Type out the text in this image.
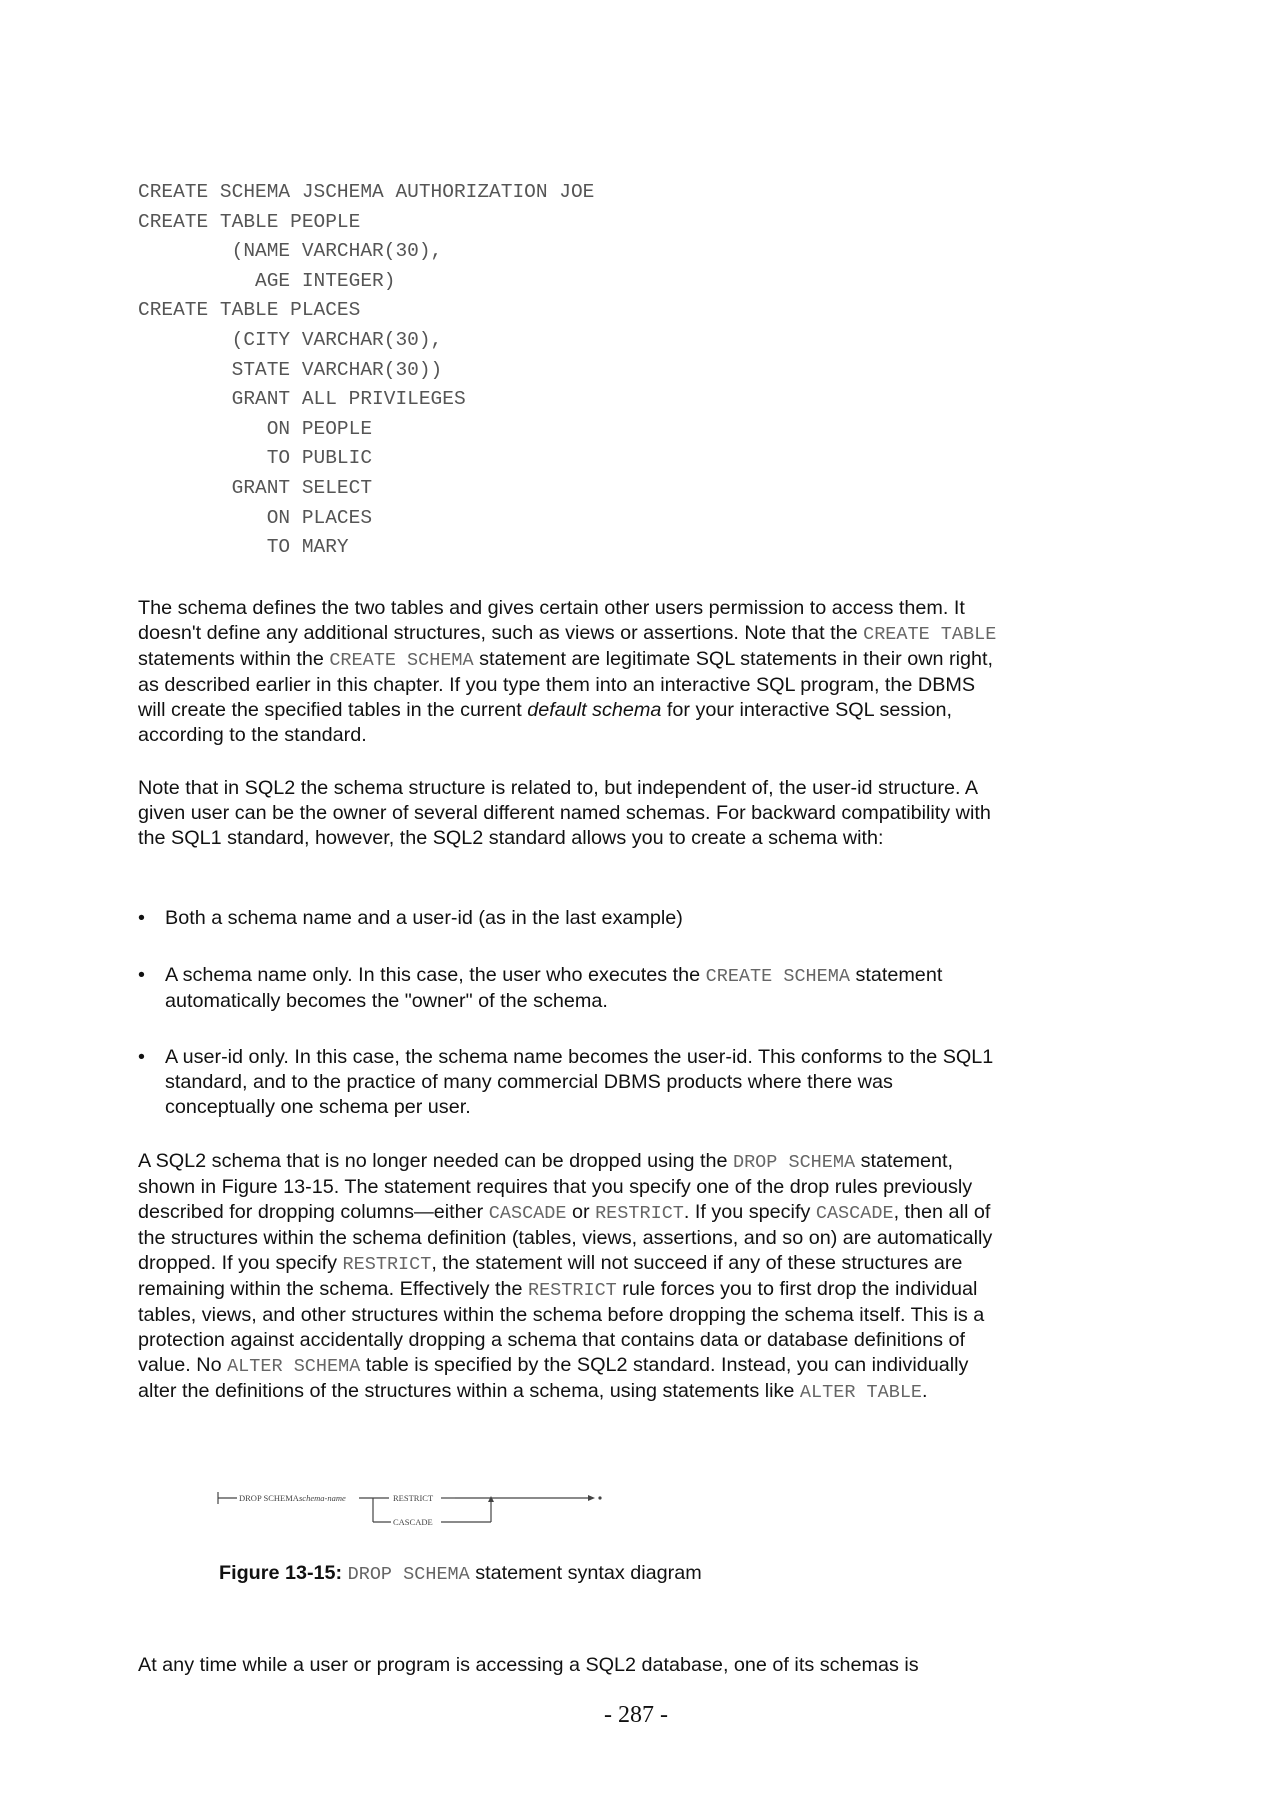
CREATE SCHEMA JSCHEMA AUTHORIZATION JOE
CREATE TABLE PEOPLE
(NAME VARCHAR(30),
AGE INTEGER)
CREATE TABLE PLACES
(CITY VARCHAR(30),
STATE VARCHAR(30))
GRANT ALL PRIVILEGES
ON PEOPLE
TO PUBLIC
GRANT SELECT
ON PLACES
TO MARY
The schema defines the two tables and gives certain other users permission to access them. It doesn't define any additional structures, such as views or assertions. Note that the CREATE TABLE statements within the CREATE SCHEMA statement are legitimate SQL statements in their own right, as described earlier in this chapter. If you type them into an interactive SQL program, the DBMS will create the specified tables in the current default schema for your interactive SQL session, according to the standard.
Note that in SQL2 the schema structure is related to, but independent of, the user-id structure. A given user can be the owner of several different named schemas. For backward compatibility with the SQL1 standard, however, the SQL2 standard allows you to create a schema with:
•	Both a schema name and a user-id (as in the last example)
•	A schema name only. In this case, the user who executes the CREATE SCHEMA statement automatically becomes the "owner" of the schema.
•	A user-id only. In this case, the schema name becomes the user-id. This conforms to the SQL1 standard, and to the practice of many commercial DBMS products where there was conceptually one schema per user.
A SQL2 schema that is no longer needed can be dropped using the DROP SCHEMA statement, shown in Figure 13-15. The statement requires that you specify one of the drop rules previously described for dropping columns—either CASCADE or RESTRICT. If you specify CASCADE, then all of the structures within the schema definition (tables, views, assertions, and so on) are automatically dropped. If you specify RESTRICT, the statement will not succeed if any of these structures are remaining within the schema. Effectively the RESTRICT rule forces you to first drop the individual tables, views, and other structures within the schema before dropping the schema itself. This is a protection against accidentally dropping a schema that contains data or database definitions of value. No ALTER SCHEMA table is specified by the SQL2 standard. Instead, you can individually alter the definitions of the structures within a schema, using statements like ALTER TABLE.
DROP SCHEMA schema-name	RESTRICT
CASCADE
Figure 13-15: DROP SCHEMA statement syntax diagram
At any time while a user or program is accessing a SQL2 database, one of its schemas is
- 287 -
